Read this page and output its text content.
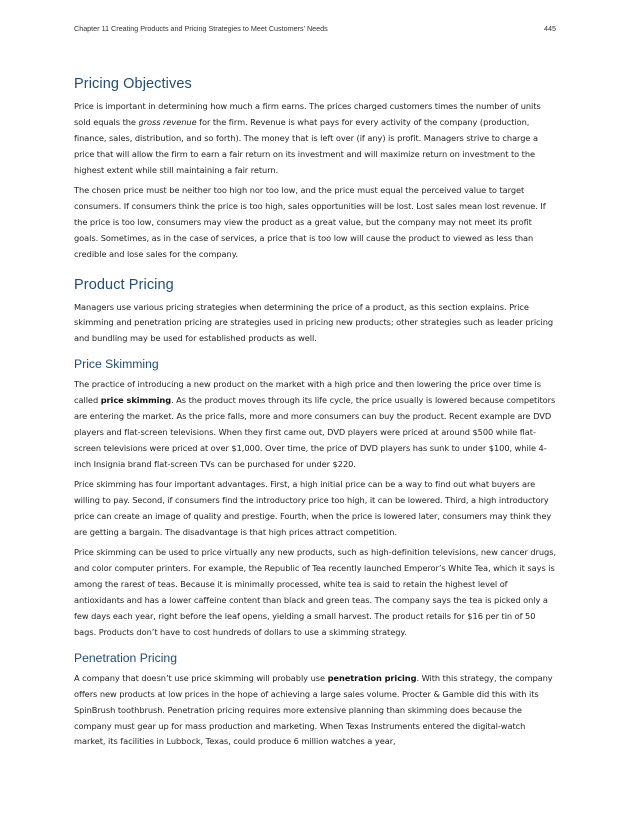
Chapter 11 Creating Products and Pricing Strategies to Meet Customers' Needs	445
Pricing Objectives

Price is important in determining how much a firm earns. The prices charged customers times the number of units sold equals the gross revenue for the firm. Revenue is what pays for every activity of the company (production, finance, sales, distribution, and so forth). The money that is left over (if any) is profit. Managers strive to charge a price that will allow the firm to earn a fair return on its investment and will maximize return on investment to the highest extent while still maintaining a fair return.

The chosen price must be neither too high nor too low, and the price must equal the perceived value to target consumers. If consumers think the price is too high, sales opportunities will be lost. Lost sales mean lost revenue. If the price is too low, consumers may view the product as a great value, but the company may not meet its profit goals. Sometimes, as in the case of services, a price that is too low will cause the product to viewed as less than credible and lose sales for the company.

Product Pricing

Managers use various pricing strategies when determining the price of a product, as this section explains. Price skimming and penetration pricing are strategies used in pricing new products; other strategies such as leader pricing and bundling may be used for established products as well.

Price Skimming

The practice of introducing a new product on the market with a high price and then lowering the price over time is called price skimming. As the product moves through its life cycle, the price usually is lowered because competitors are entering the market. As the price falls, more and more consumers can buy the product. Recent example are DVD players and flat-screen televisions. When they first came out, DVD players were priced at around $500 while flat-screen televisions were priced at over $1,000. Over time, the price of DVD players has sunk to under $100, while 4-inch Insignia brand flat-screen TVs can be purchased for under $220.

Price skimming has four important advantages. First, a high initial price can be a way to find out what buyers are willing to pay. Second, if consumers find the introductory price too high, it can be lowered. Third, a high introductory price can create an image of quality and prestige. Fourth, when the price is lowered later, consumers may think they are getting a bargain. The disadvantage is that high prices attract competition.

Price skimming can be used to price virtually any new products, such as high-definition televisions, new cancer drugs, and color computer printers. For example, the Republic of Tea recently launched Emperor’s White Tea, which it says is among the rarest of teas. Because it is minimally processed, white tea is said to retain the highest level of antioxidants and has a lower caffeine content than black and green teas. The company says the tea is picked only a few days each year, right before the leaf opens, yielding a small harvest. The product retails for $16 per tin of 50 bags. Products don’t have to cost hundreds of dollars to use a skimming strategy.

Penetration Pricing

A company that doesn’t use price skimming will probably use penetration pricing. With this strategy, the company offers new products at low prices in the hope of achieving a large sales volume. Procter & Gamble did this with its SpinBrush toothbrush. Penetration pricing requires more extensive planning than skimming does because the company must gear up for mass production and marketing. When Texas Instruments entered the digital-watch market, its facilities in Lubbock, Texas, could produce 6 million watches a year,
